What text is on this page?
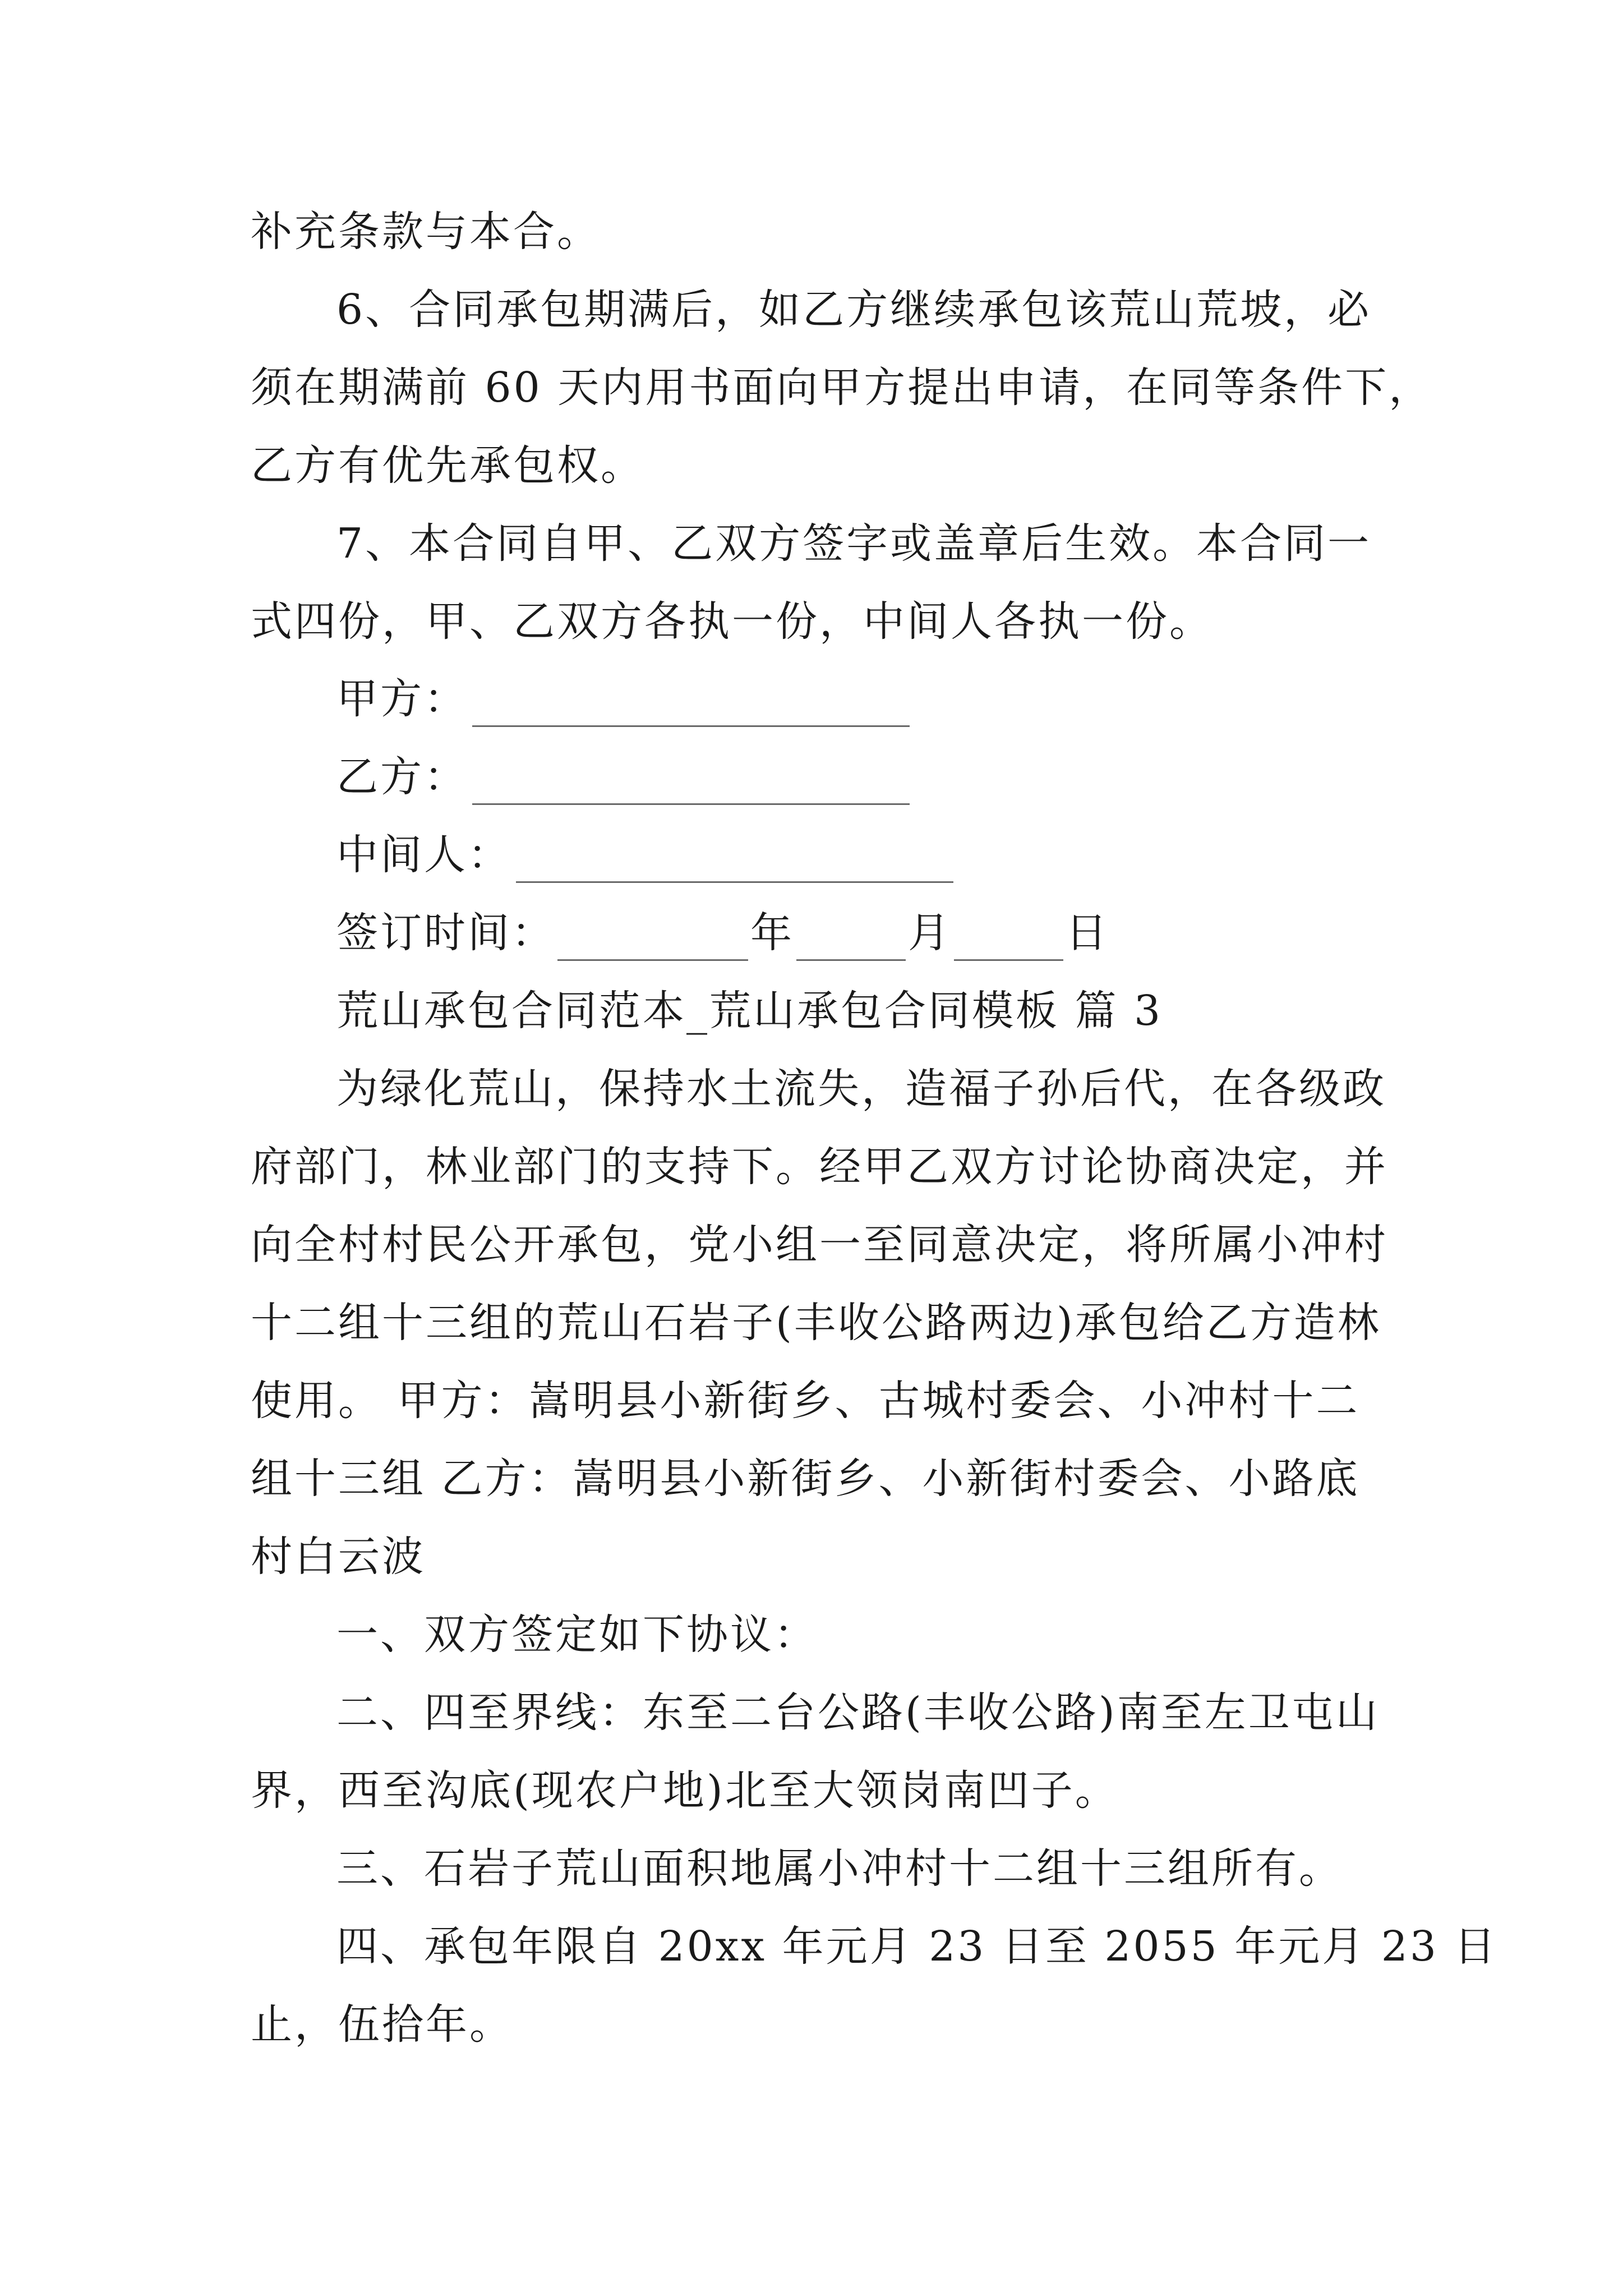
补充条款与本合。
6、合同承包期满后，如乙方继续承包该荒山荒坡，必
须在期满前 60 天内用书面向甲方提出申请，在同等条件下，
乙方有优先承包权。
7、本合同自甲、乙双方签字或盖章后生效。本合同一
式四份，甲、乙双方各执一份，中间人各执一份。
甲方：
乙方：
中间人：
签订时间：	年	月	日
荒山承包合同范本_荒山承包合同模板 篇 3
为绿化荒山，保持水土流失，造福子孙后代，在各级政
府部门，林业部门的支持下。经甲乙双方讨论协商决定，并
向全村村民公开承包，党小组一至同意决定，将所属小冲村
十二组十三组的荒山石岩子(丰收公路两边)承包给乙方造林
使用。 甲方：嵩明县小新街乡、古城村委会、小冲村十二
组十三组 乙方：嵩明县小新街乡、小新街村委会、小路底
村白云波
一、双方签定如下协议：
二、四至界线：东至二台公路(丰收公路)南至左卫屯山
界，西至沟底(现农户地)北至大领岗南凹子。
三、石岩子荒山面积地属小冲村十二组十三组所有。
四、承包年限自 20xx 年元月 23 日至 2055 年元月 23 日
止，伍拾年。
